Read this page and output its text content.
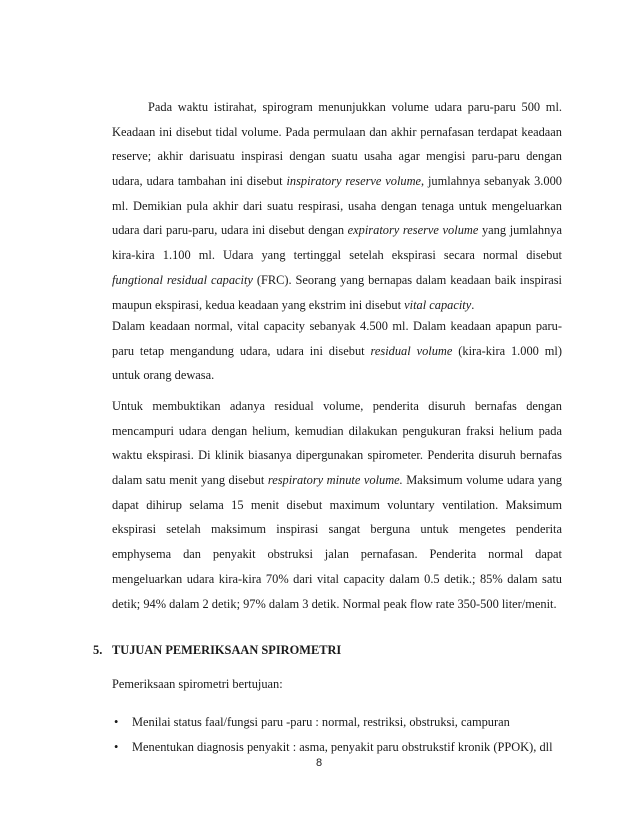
Pada waktu istirahat, spirogram menunjukkan volume udara paru-paru 500 ml.
Keadaan ini disebut tidal volume. Pada permulaan dan akhir pernafasan terdapat keadaan
reserve; akhir darisuatu inspirasi dengan suatu usaha agar mengisi paru-paru dengan
udara, udara tambahan ini disebut inspiratory reserve volume, jumlahnya sebanyak 3.000
ml. Demikian pula akhir dari suatu respirasi, usaha dengan tenaga untuk mengeluarkan
udara dari paru-paru, udara ini disebut dengan expiratory reserve volume yang jumlahnya
kira-kira 1.100 ml. Udara yang tertinggal setelah ekspirasi secara normal disebut
fungtional residual capacity (FRC). Seorang yang bernapas dalam keadaan baik inspirasi
maupun ekspirasi, kedua keadaan yang ekstrim ini disebut vital capacity.
Dalam keadaan normal, vital capacity sebanyak 4.500 ml. Dalam keadaan apapun paru-
paru tetap mengandung udara, udara ini disebut residual volume (kira-kira 1.000 ml)
untuk orang dewasa.
Untuk membuktikan adanya residual volume, penderita disuruh bernafas dengan
mencampuri udara dengan helium, kemudian dilakukan pengukuran fraksi helium pada
waktu ekspirasi. Di klinik biasanya dipergunakan spirometer. Penderita disuruh bernafas
dalam satu menit yang disebut respiratory minute volume. Maksimum volume udara yang
dapat dihirup selama 15 menit disebut maximum voluntary ventilation. Maksimum
ekspirasi setelah maksimum inspirasi sangat berguna untuk mengetes penderita
emphysema dan penyakit obstruksi jalan pernafasan. Penderita normal dapat
mengeluarkan udara kira-kira 70% dari vital capacity dalam 0.5 detik.; 85% dalam satu
detik; 94% dalam 2 detik; 97% dalam 3 detik. Normal peak flow rate 350-500 liter/menit.
5. TUJUAN PEMERIKSAAN SPIROMETRI
Pemeriksaan spirometri bertujuan:
• Menilai status faal/fungsi paru -paru : normal, restriksi, obstruksi, campuran
• Menentukan diagnosis penyakit : asma, penyakit paru obstrukstif kronik (PPOK), dll
8
